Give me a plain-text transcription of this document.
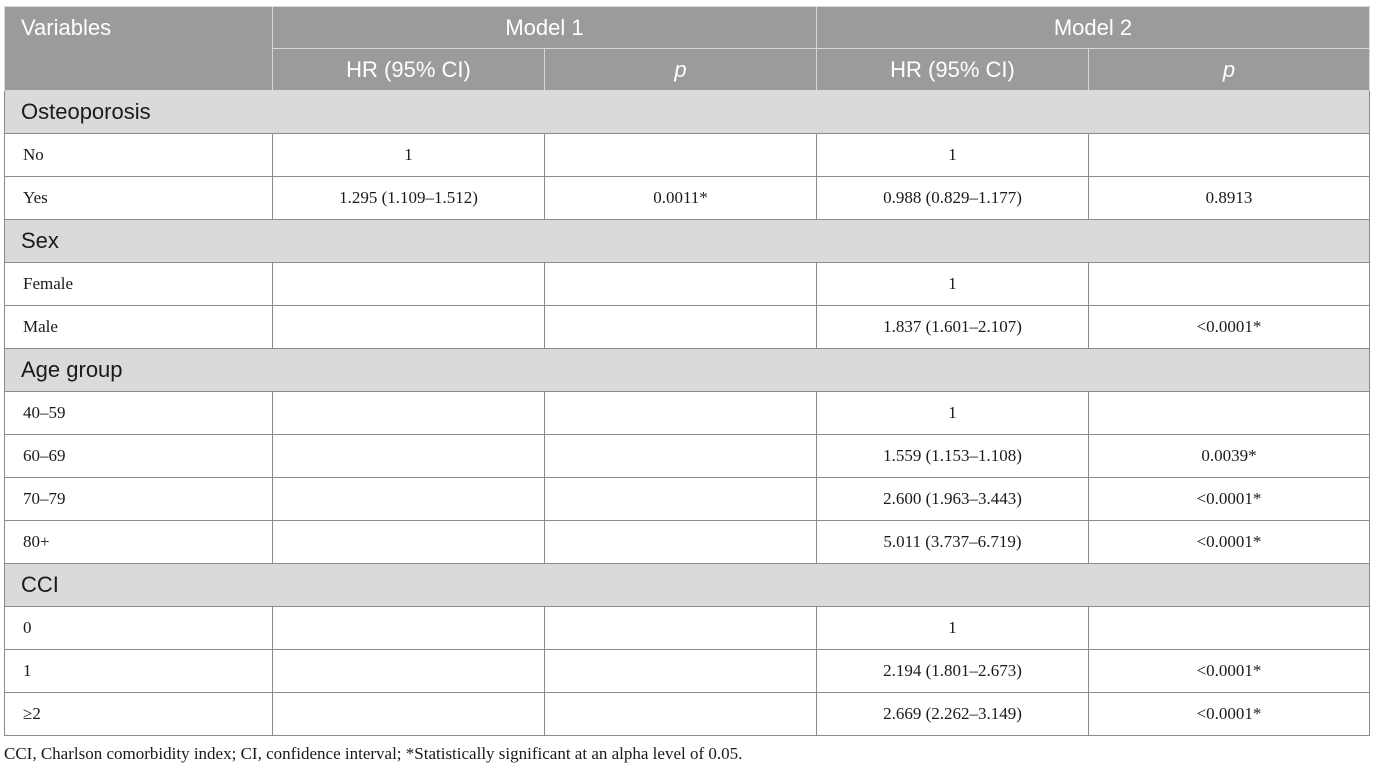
Variables	Model 1		Model 2	
	HR (95% CI)	p	HR (95% CI)	p
Osteoporosis				
No	1		1	
Yes	1.295 (1.109–1.512)	0.0011*	0.988 (0.829–1.177)	0.8913
Sex				
Female			1	
Male			1.837 (1.601–2.107)	<0.0001*
Age group				
40–59			1	
60–69			1.559 (1.153–1.108)	0.0039*
70–79			2.600 (1.963–3.443)	<0.0001*
80+			5.011 (3.737–6.719)	<0.0001*
CCI				
0			1	
1			2.194 (1.801–2.673)	<0.0001*
≥2			2.669 (2.262–3.149)	<0.0001*
CCI, Charlson comorbidity index; CI, confidence interval; *Statistically significant at an alpha level of 0.05.
